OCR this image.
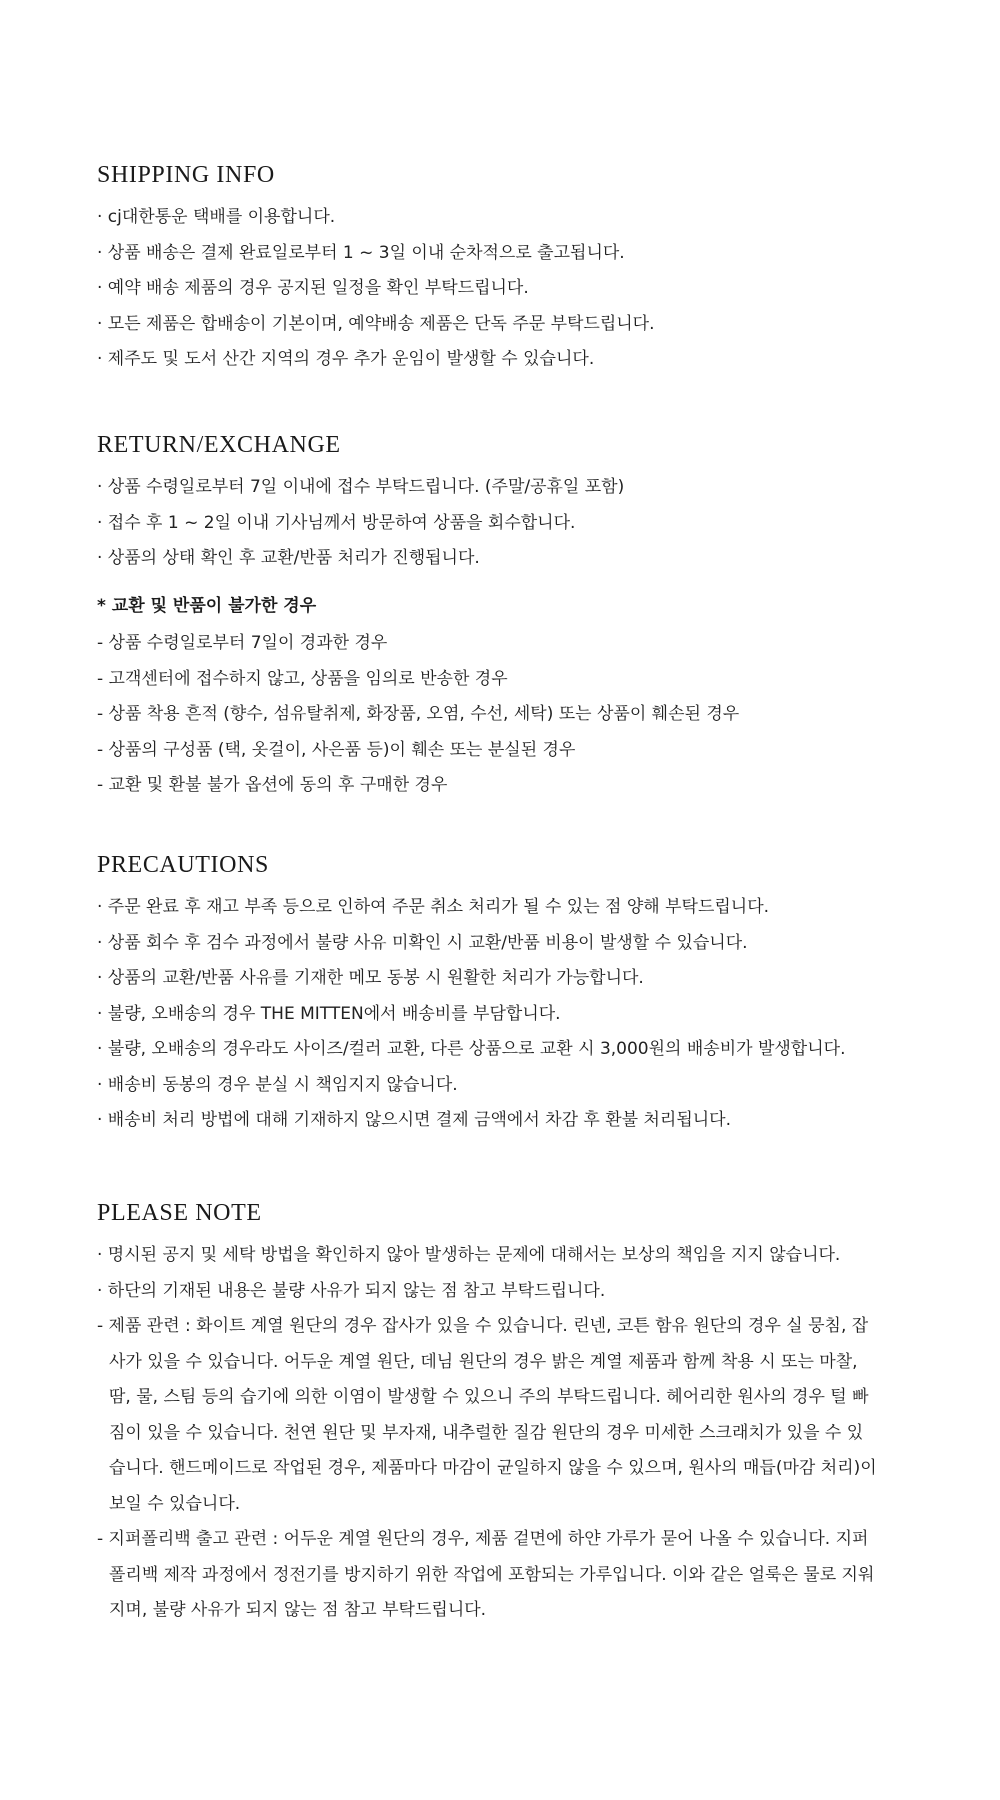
SHIPPING INFO

· cj대한통운 택배를 이용합니다.

· 상품 배송은 결제 완료일로부터 1 ~ 3일 이내 순차적으로 출고됩니다.

· 예약 배송 제품의 경우 공지된 일정을 확인 부탁드립니다.

· 모든 제품은 합배송이 기본이며, 예약배송 제품은 단독 주문 부탁드립니다.

· 제주도 및 도서 산간 지역의 경우 추가 운임이 발생할 수 있습니다.

RETURN/EXCHANGE

· 상품 수령일로부터 7일 이내에 접수 부탁드립니다. (주말/공휴일 포함)

· 접수 후 1 ~ 2일 이내 기사님께서 방문하여 상품을 회수합니다.

· 상품의 상태 확인 후 교환/반품 처리가 진행됩니다.

* 교환 및 반품이 불가한 경우

- 상품 수령일로부터 7일이 경과한 경우

- 고객센터에 접수하지 않고, 상품을 임의로 반송한 경우

- 상품 착용 흔적 (향수, 섬유탈취제, 화장품, 오염, 수선, 세탁) 또는 상품이 훼손된 경우

- 상품의 구성품 (택, 옷걸이, 사은품 등)이 훼손 또는 분실된 경우

- 교환 및 환불 불가 옵션에 동의 후 구매한 경우

PRECAUTIONS

· 주문 완료 후 재고 부족 등으로 인하여 주문 취소 처리가 될 수 있는 점 양해 부탁드립니다.

· 상품 회수 후 검수 과정에서 불량 사유 미확인 시 교환/반품 비용이 발생할 수 있습니다.

· 상품의 교환/반품 사유를 기재한 메모 동봉 시 원활한 처리가 가능합니다.

· 불량, 오배송의 경우 THE MITTEN에서 배송비를 부담합니다.

· 불량, 오배송의 경우라도 사이즈/컬러 교환, 다른 상품으로 교환 시 3,000원의 배송비가 발생합니다.

· 배송비 동봉의 경우 분실 시 책임지지 않습니다.

· 배송비 처리 방법에 대해 기재하지 않으시면 결제 금액에서 차감 후 환불 처리됩니다.

PLEASE NOTE

· 명시된 공지 및 세탁 방법을 확인하지 않아 발생하는 문제에 대해서는 보상의 책임을 지지 않습니다.

· 하단의 기재된 내용은 불량 사유가 되지 않는 점 참고 부탁드립니다.

- 제품 관련 : 화이트 계열 원단의 경우 잡사가 있을 수 있습니다. 린넨, 코튼 함유 원단의 경우 실 뭉침, 잡사가 있을 수 있습니다. 어두운 계열 원단, 데님 원단의 경우 밝은 계열 제품과 함께 착용 시 또는 마찰, 땀, 물, 스팀 등의 습기에 의한 이염이 발생할 수 있으니 주의 부탁드립니다. 헤어리한 원사의 경우 털 빠짐이 있을 수 있습니다. 천연 원단 및 부자재, 내추럴한 질감 원단의 경우 미세한 스크래치가 있을 수 있습니다. 핸드메이드로 작업된 경우, 제품마다 마감이 균일하지 않을 수 있으며, 원사의 매듭(마감 처리)이 보일 수 있습니다.

- 지퍼폴리백 출고 관련 : 어두운 계열 원단의 경우, 제품 겉면에 하얀 가루가 묻어 나올 수 있습니다. 지퍼폴리백 제작 과정에서 정전기를 방지하기 위한 작업에 포함되는 가루입니다. 이와 같은 얼룩은 물로 지워지며, 불량 사유가 되지 않는 점 참고 부탁드립니다.
